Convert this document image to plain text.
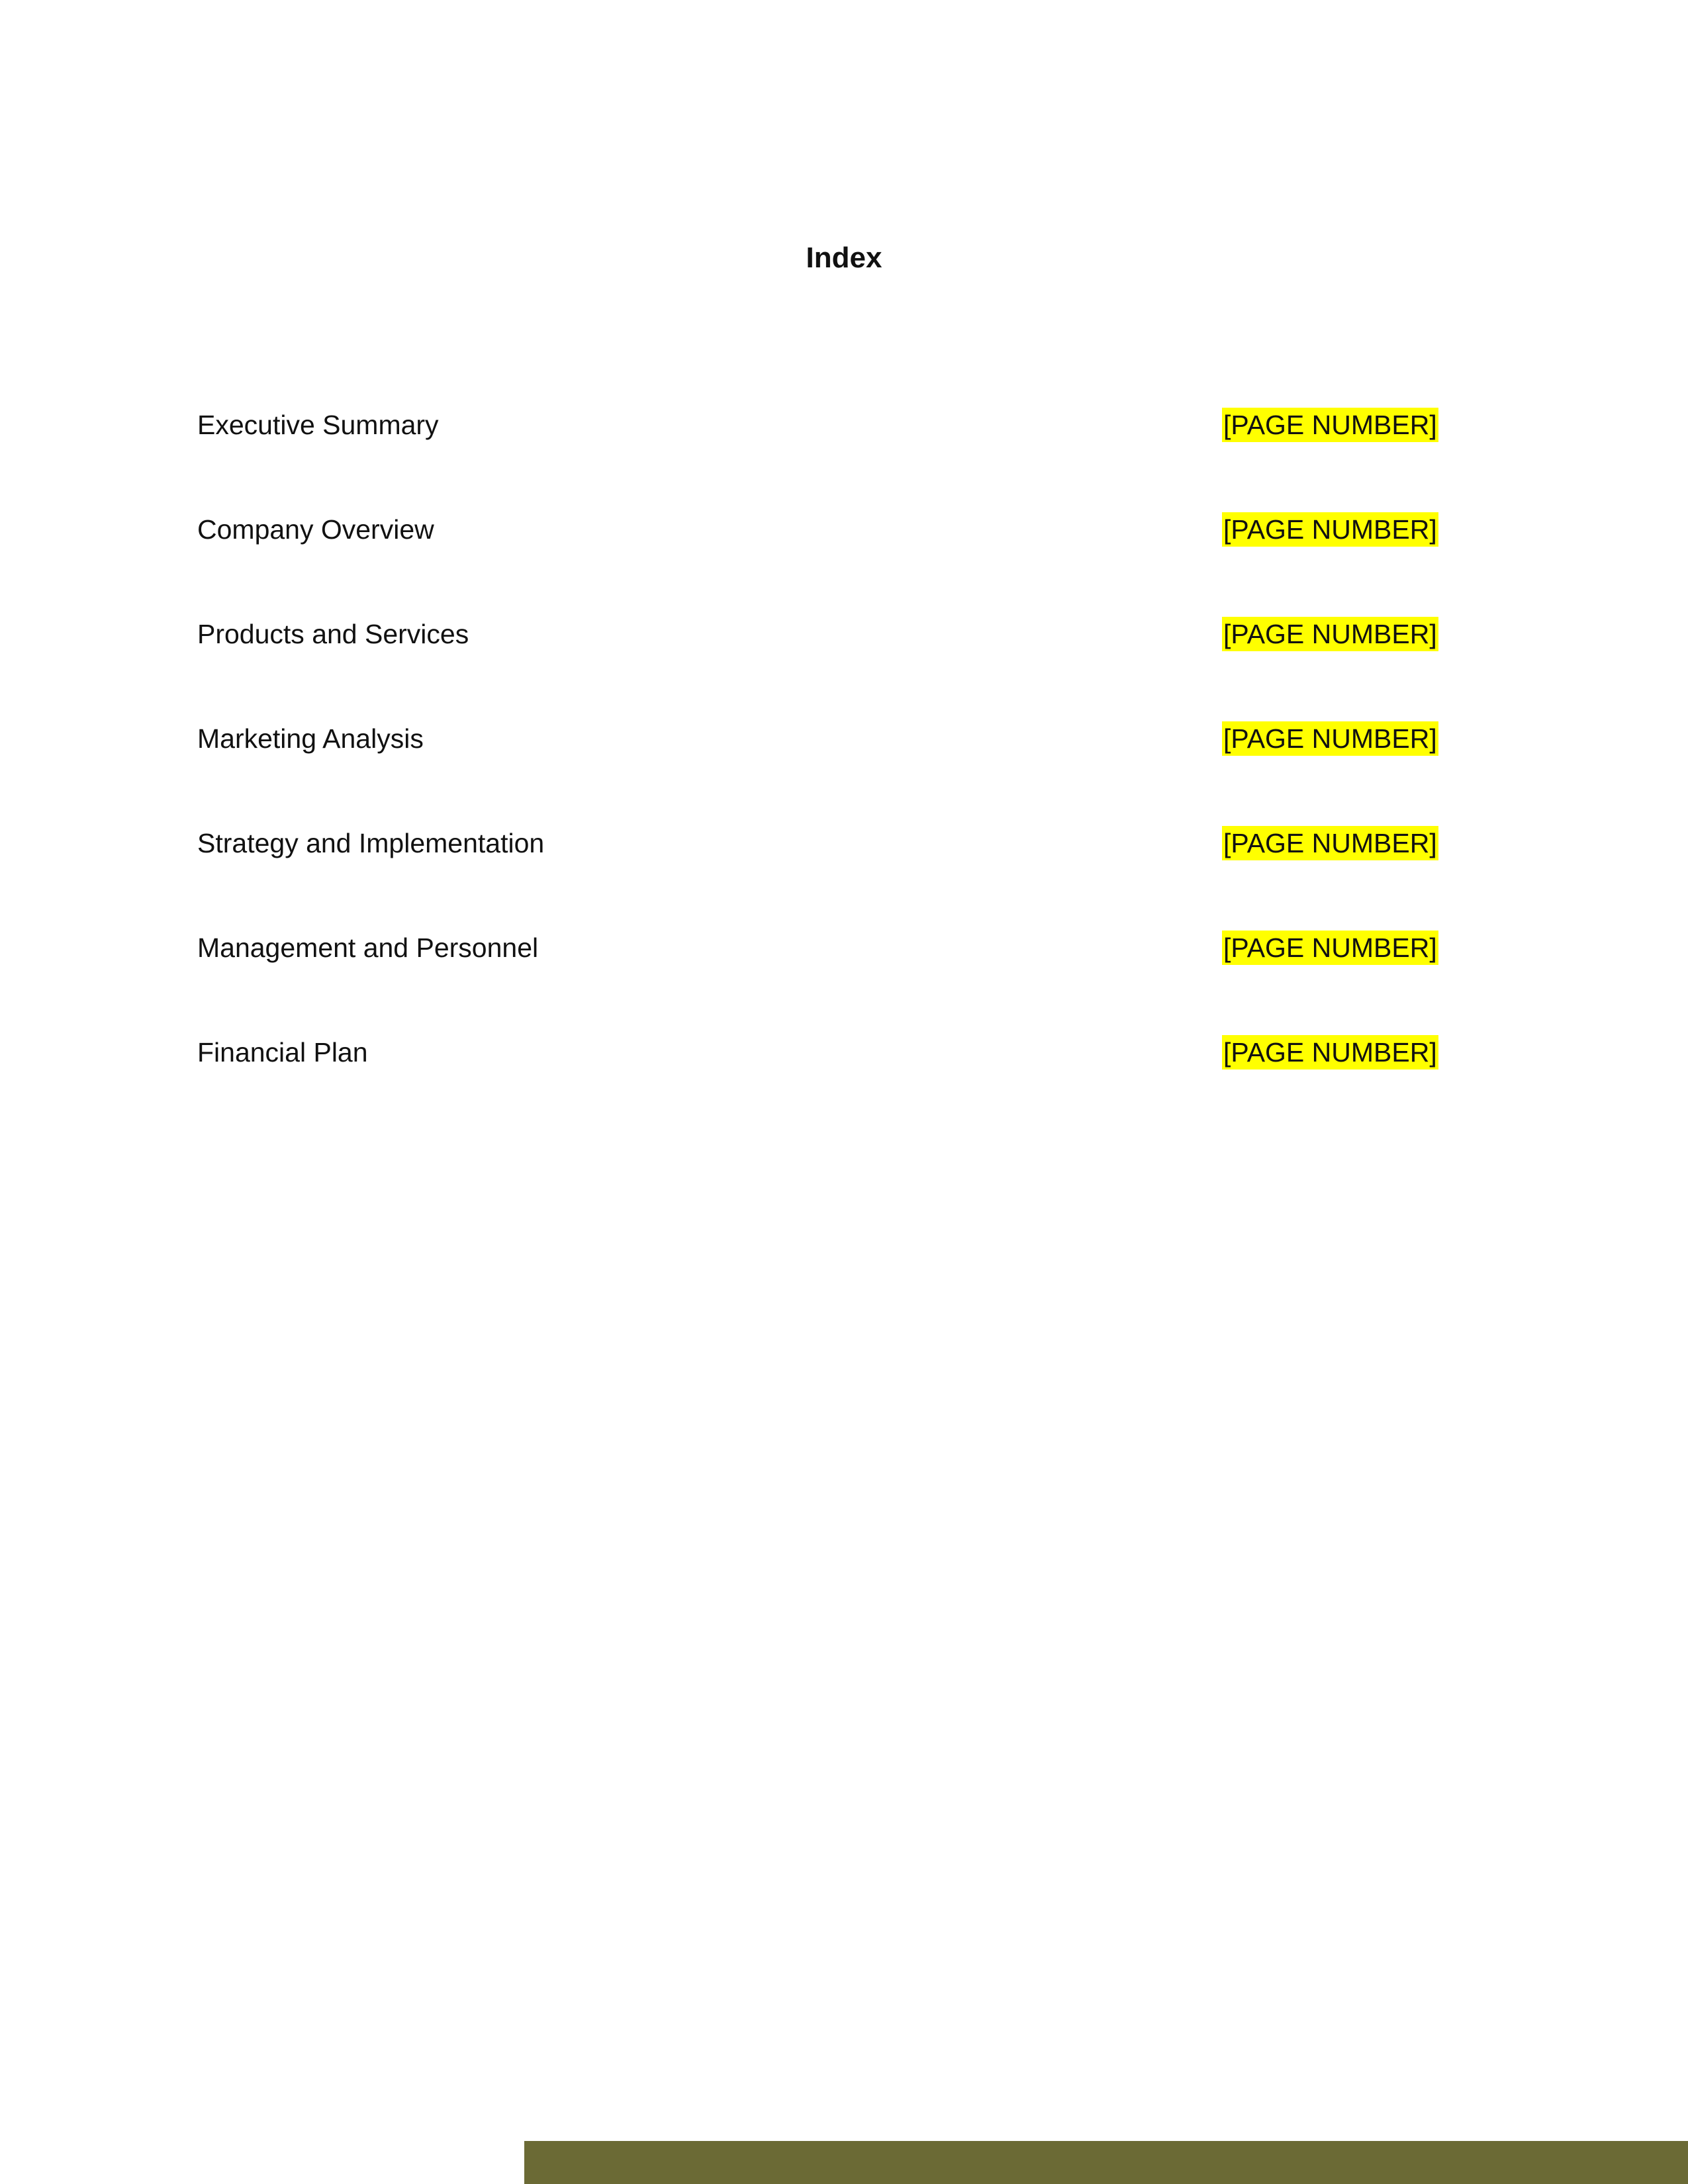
Index
Executive Summary	[PAGE NUMBER]
Company Overview	[PAGE NUMBER]
Products and Services	[PAGE NUMBER]
Marketing Analysis	[PAGE NUMBER]
Strategy and Implementation	[PAGE NUMBER]
Management and Personnel	[PAGE NUMBER]
Financial Plan	[PAGE NUMBER]
